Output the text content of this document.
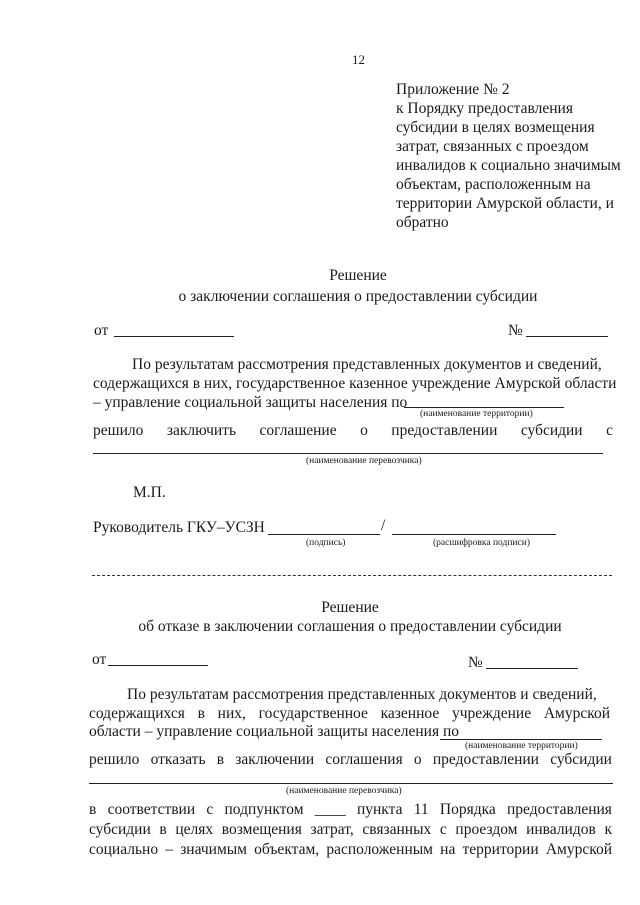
12
Приложение № 2
к Порядку предоставления
субсидии в целях возмещения
затрат, связанных с проездом
инвалидов к социально значимым
объектам, расположенным на
территории Амурской области, и
обратно
Решение
о заключении соглашения о предоставлении субсидии
от	№
По результатам рассмотрения представленных документов и сведений,
содержащихся в них, государственное казенное учреждение Амурской области
– управление социальной защиты населения по
(наименование территории)
решило заключить соглашение о предоставлении субсидии с
(наименование перевозчика)
М.П.
Руководитель ГКУ–УСЗН	/
(подпись)	(расшифровка подписи)
Решение
об отказе в заключении соглашения о предоставлении субсидии
от	№
По результатам рассмотрения представленных документов и сведений,
содержащихся в них, государственное казенное учреждение Амурской
области – управление социальной защиты населения по
(наименование территории)
решило отказать в заключении соглашения о предоставлении субсидии
(наименование перевозчика)
в соответствии с подпунктом ____ пункта 11 Порядка предоставления
субсидии в целях возмещения затрат, связанных с проездом инвалидов к
социально – значимым объектам, расположенным на территории Амурской
